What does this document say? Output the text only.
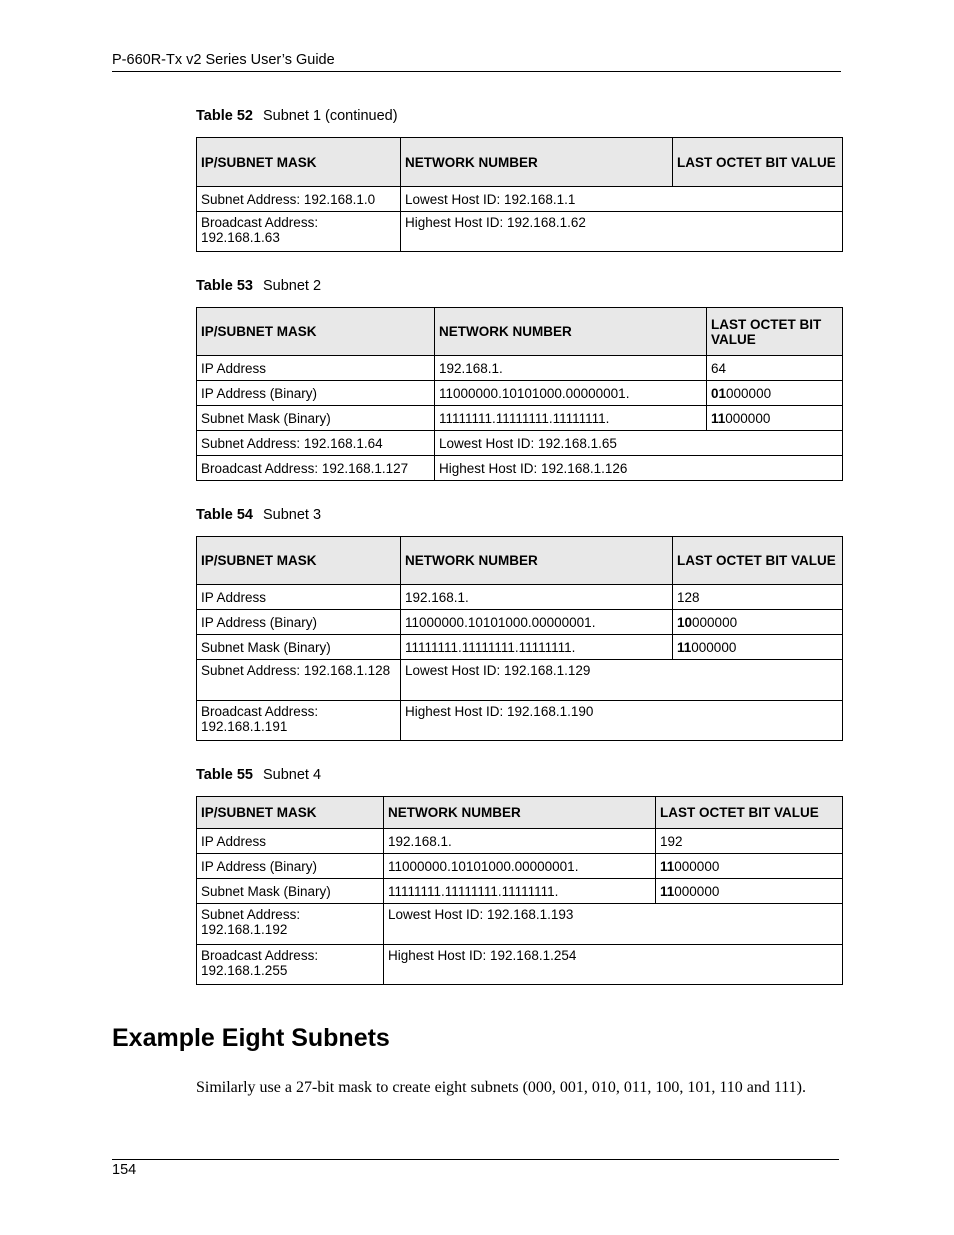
P-660R-Tx v2 Series User’s Guide
Table 52 Subnet 1 (continued)
IP/SUBNET MASK	NETWORK NUMBER	LAST OCTET BIT VALUE
Subnet Address: 192.168.1.0	Lowest Host ID: 192.168.1.1	
Broadcast Address: 192.168.1.63	Highest Host ID: 192.168.1.62	
Table 53 Subnet 2
IP/SUBNET MASK	NETWORK NUMBER	LAST OCTET BIT VALUE
IP Address	192.168.1.	64
IP Address (Binary)	11000000.10101000.00000001.	01000000
Subnet Mask (Binary)	11111111.11111111.11111111.	11000000
Subnet Address: 192.168.1.64	Lowest Host ID: 192.168.1.65	
Broadcast Address: 192.168.1.127	Highest Host ID: 192.168.1.126	
Table 54 Subnet 3
IP/SUBNET MASK	NETWORK NUMBER	LAST OCTET BIT VALUE
IP Address	192.168.1.	128
IP Address (Binary)	11000000.10101000.00000001.	10000000
Subnet Mask (Binary)	11111111.11111111.11111111.	11000000
Subnet Address: 192.168.1.128	Lowest Host ID: 192.168.1.129	
Broadcast Address: 192.168.1.191	Highest Host ID: 192.168.1.190	
Table 55 Subnet 4
IP/SUBNET MASK	NETWORK NUMBER	LAST OCTET BIT VALUE
IP Address	192.168.1.	192
IP Address (Binary)	11000000.10101000.00000001.	11000000
Subnet Mask (Binary)	11111111.11111111.11111111.	11000000
Subnet Address: 192.168.1.192	Lowest Host ID: 192.168.1.193	
Broadcast Address: 192.168.1.255	Highest Host ID: 192.168.1.254	
Example Eight Subnets

Similarly use a 27-bit mask to create eight subnets (000, 001, 010, 011, 100, 101, 110 and 111).

154
